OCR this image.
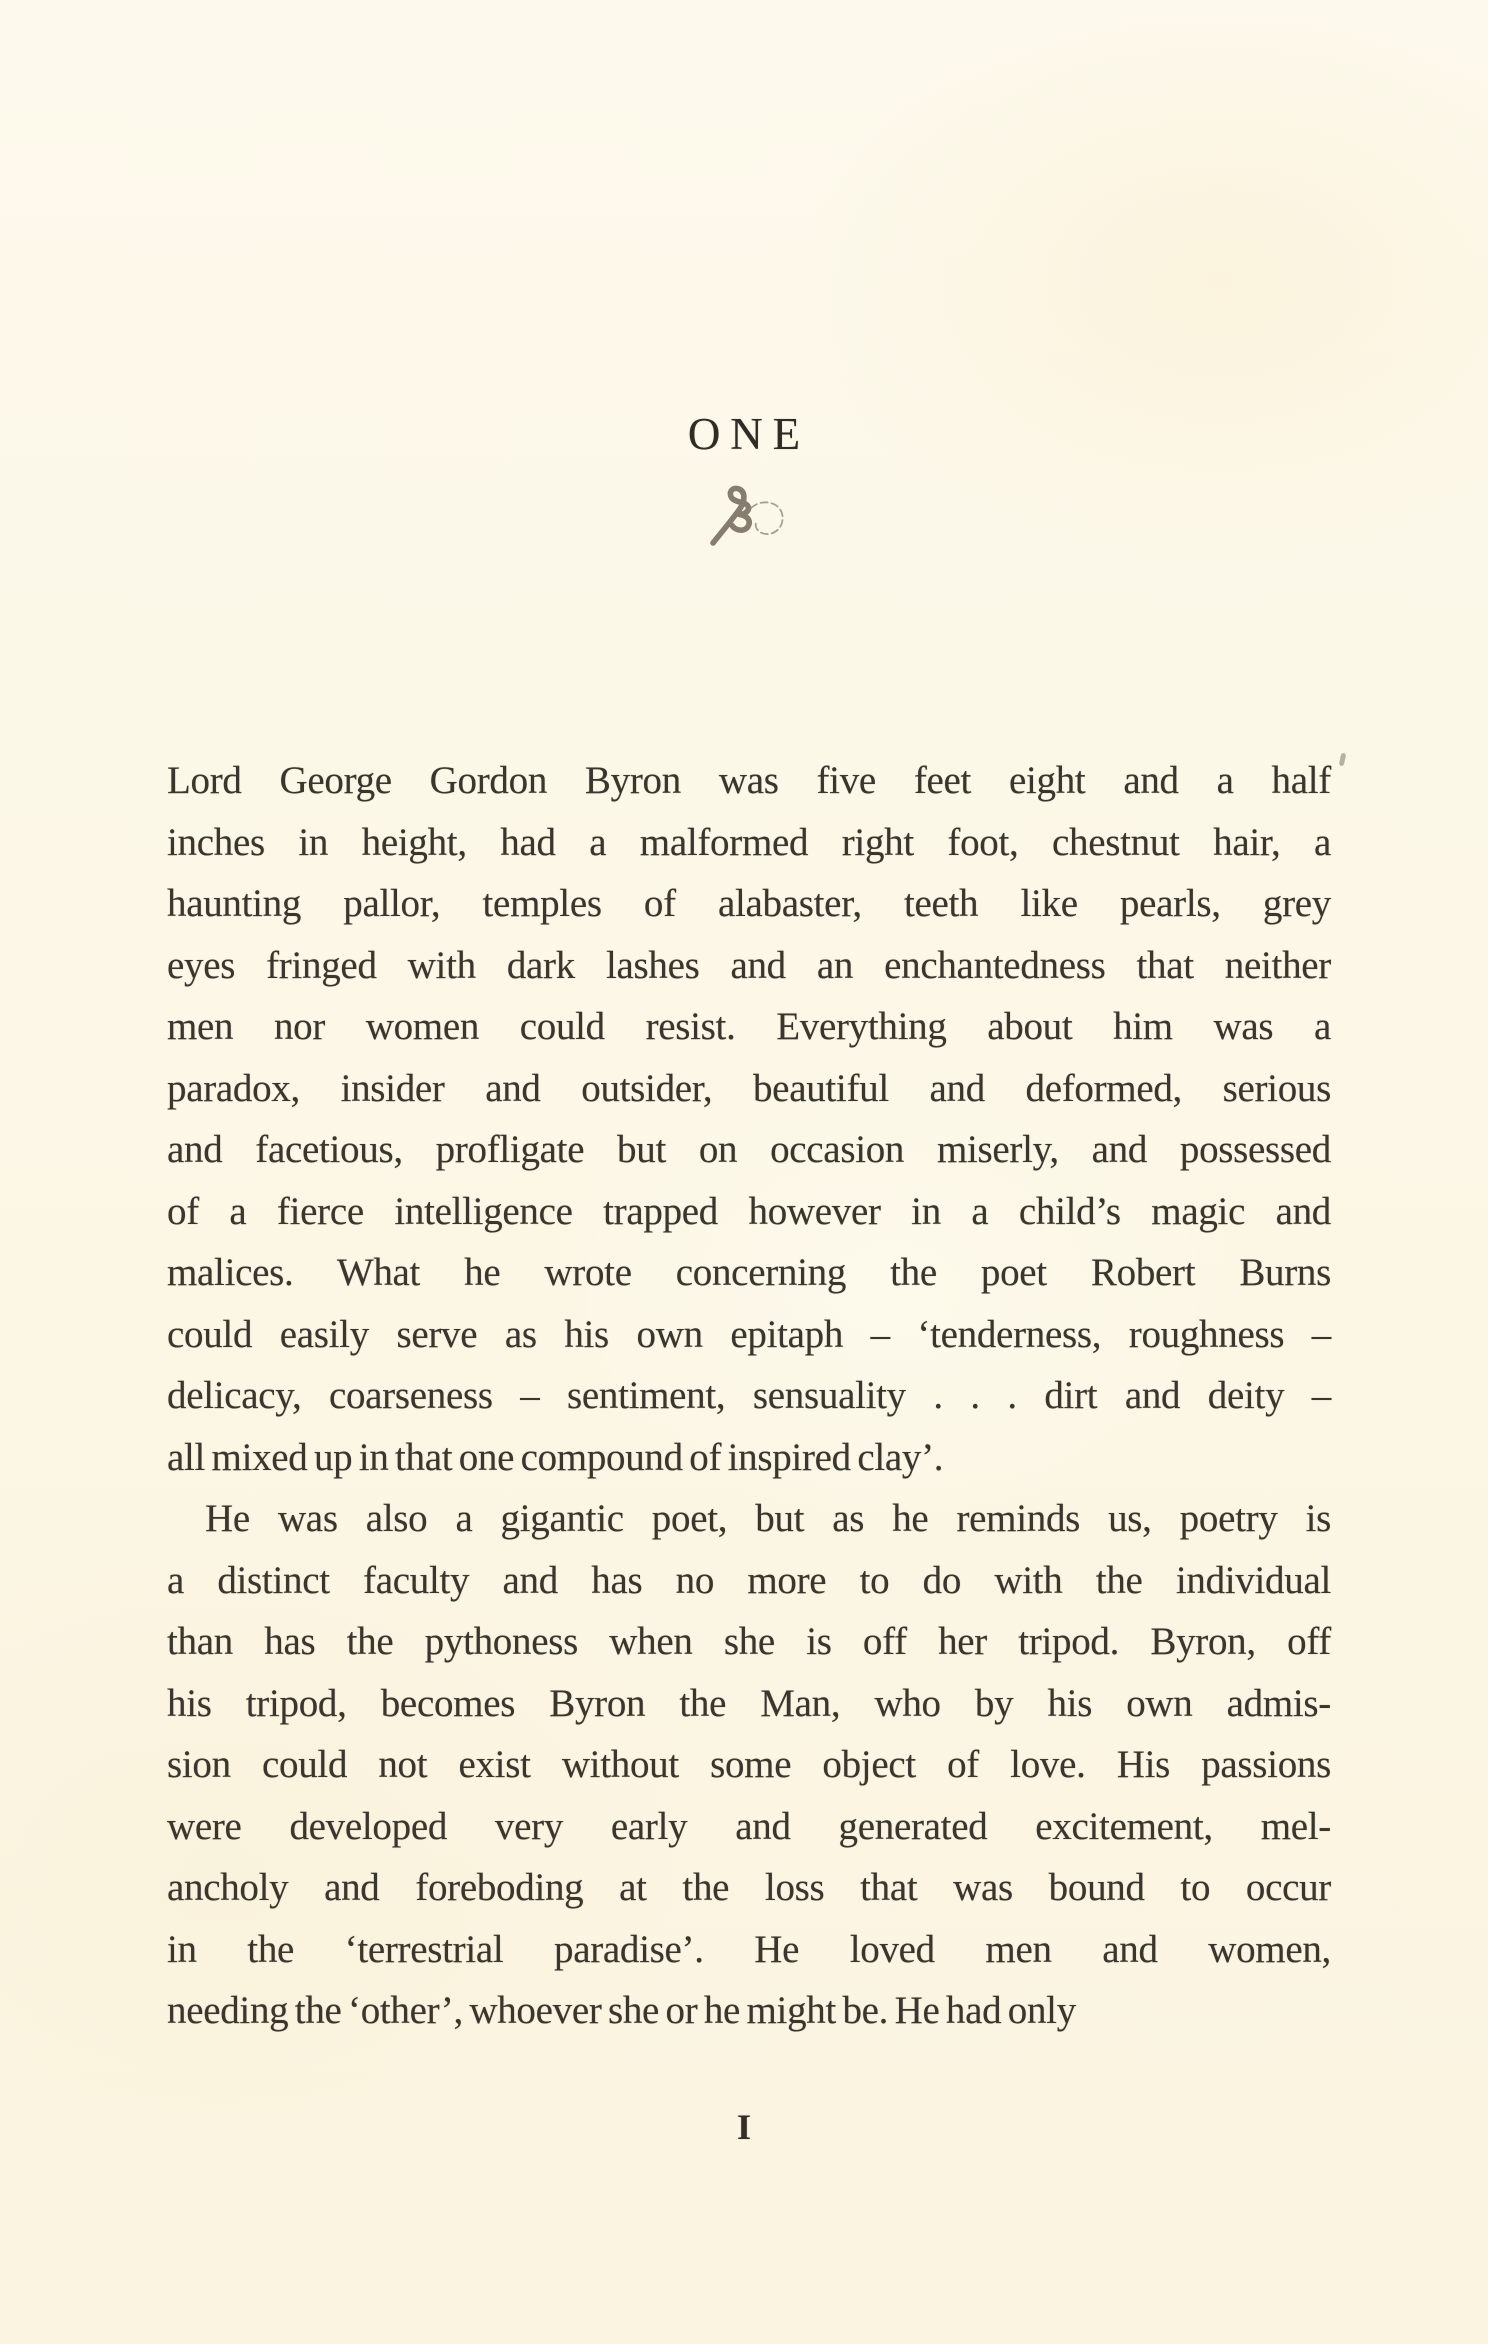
ONE
Lord George Gordon Byron was five feet eight and a half
inches in height, had a malformed right foot, chestnut hair, a
haunting pallor, temples of alabaster, teeth like pearls, grey
eyes fringed with dark lashes and an enchantedness that neither
men nor women could resist. Everything about him was a
paradox, insider and outsider, beautiful and deformed, serious
and facetious, profligate but on occasion miserly, and possessed
of a fierce intelligence trapped however in a child’s magic and
malices. What he wrote concerning the poet Robert Burns
could easily serve as his own epitaph – ‘tenderness, roughness –
delicacy, coarseness – sentiment, sensuality . . . dirt and deity –
all mixed up in that one compound of inspired clay’.
He was also a gigantic poet, but as he reminds us, poetry is
a distinct faculty and has no more to do with the individual
than has the pythoness when she is off her tripod. Byron, off
his tripod, becomes Byron the Man, who by his own admis-
sion could not exist without some object of love. His passions
were developed very early and generated excitement, mel-
ancholy and foreboding at the loss that was bound to occur
in the ‘terrestrial paradise’. He loved men and women,
needing the ‘other’, whoever she or he might be. He had only
I
